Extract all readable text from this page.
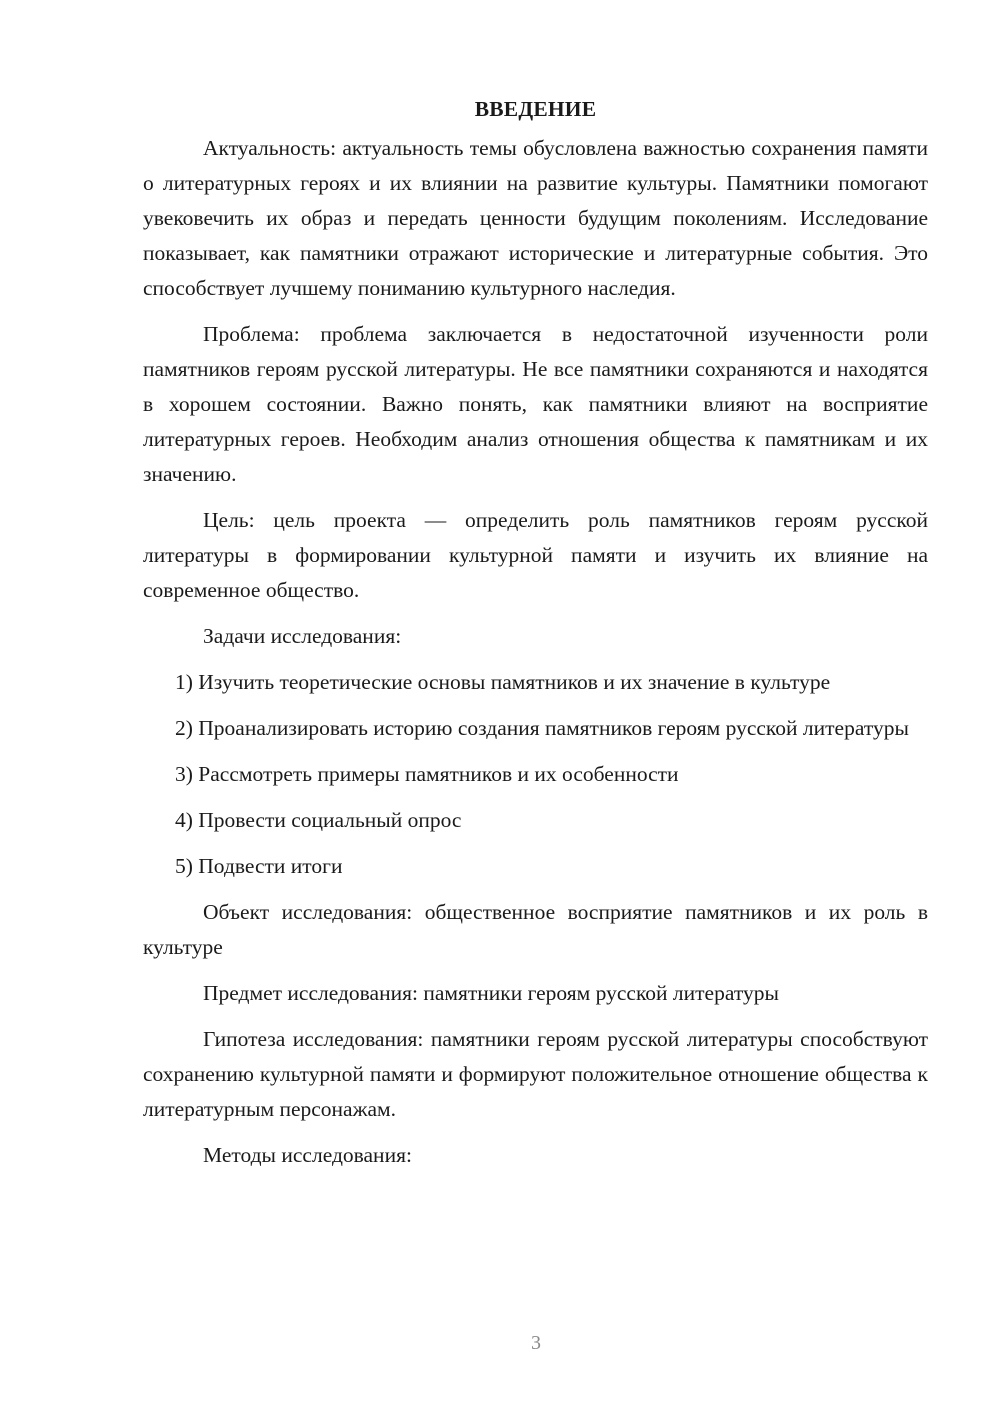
ВВЕДЕНИЕ

Актуальность: актуальность темы обусловлена важностью сохранения памяти о литературных героях и их влиянии на развитие культуры. Памятники помогают увековечить их образ и передать ценности будущим поколениям. Исследование показывает, как памятники отражают исторические и литературные события. Это способствует лучшему пониманию культурного наследия.

Проблема: проблема заключается в недостаточной изученности роли памятников героям русской литературы. Не все памятники сохраняются и находятся в хорошем состоянии. Важно понять, как памятники влияют на восприятие литературных героев. Необходим анализ отношения общества к памятникам и их значению.

Цель: цель проекта — определить роль памятников героям русской литературы в формировании культурной памяти и изучить их влияние на современное общество.

Задачи исследования:

1) Изучить теоретические основы памятников и их значение в культуре

2) Проанализировать историю создания памятников героям русской литературы

3) Рассмотреть примеры памятников и их особенности

4) Провести социальный опрос

5) Подвести итоги

Объект исследования: общественное восприятие памятников и их роль в культуре

Предмет исследования: памятники героям русской литературы

Гипотеза исследования: памятники героям русской литературы способствуют сохранению культурной памяти и формируют положительное отношение общества к литературным персонажам.

Методы исследования:

3
